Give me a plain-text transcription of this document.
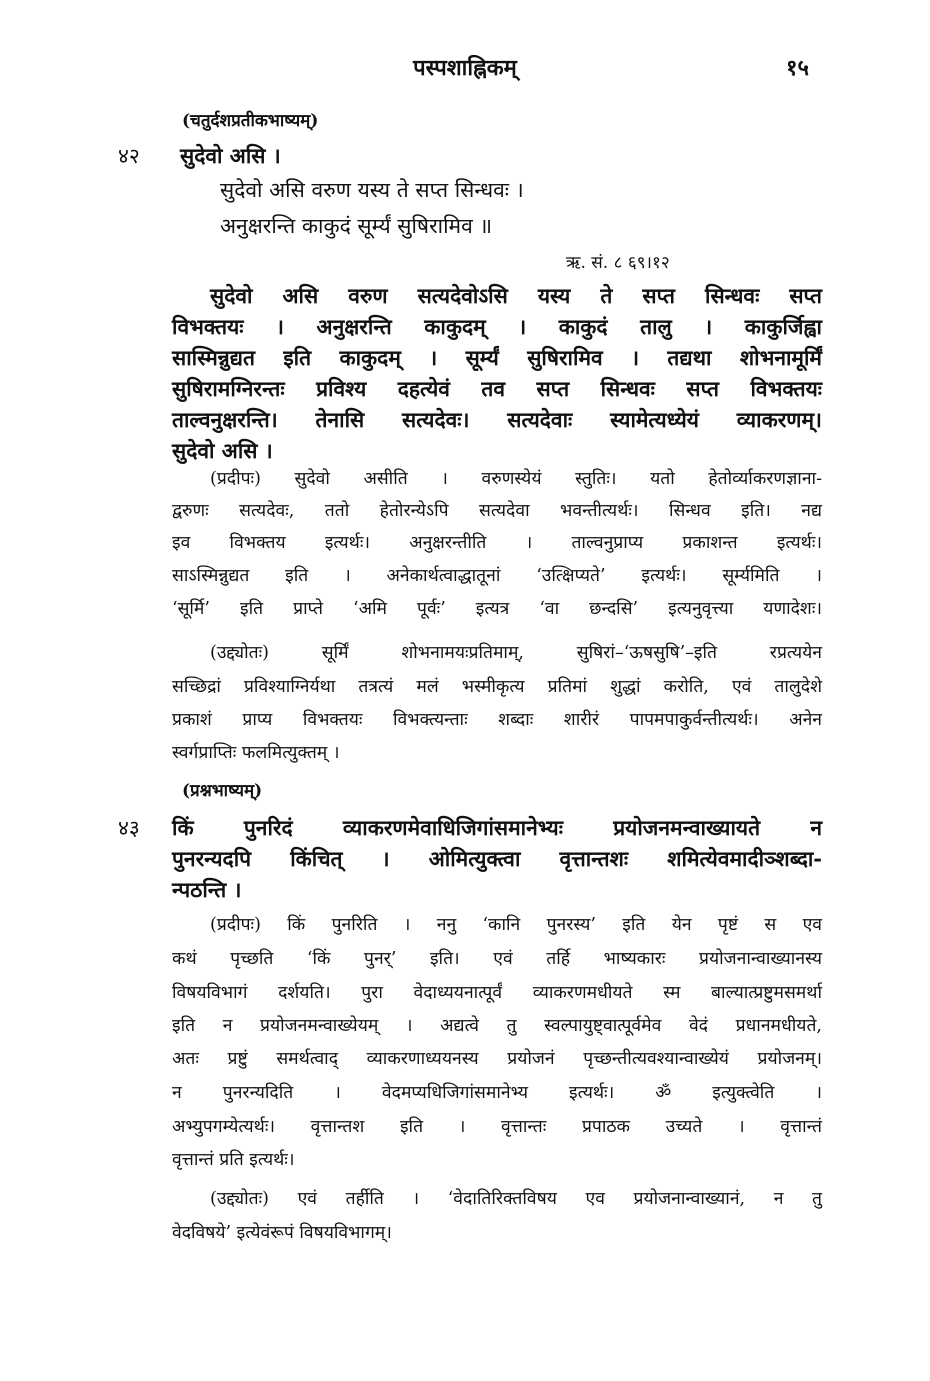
पस्पशाह्निकम्	१५
(चतुर्दशप्रतीकभाष्यम्)
४२ सुदेवो असि ।
सुदेवो असि वरुण यस्य ते सप्त सिन्धवः ।
अनुक्षरन्ति काकुदं सूर्म्यं सुषिरामिव ॥
ऋ. सं. ८ ६९।१२
सुदेवो असि वरुण सत्यदेवोऽसि यस्य ते सप्त सिन्धवः सप्त
विभक्तयः । अनुक्षरन्ति काकुदम् । काकुदं तालु । काकुर्जिह्वा
सास्मिन्नुद्यत इति काकुदम् । सूर्म्यं सुषिरामिव । तद्यथा शोभनामूर्मिं
सुषिरामग्निरन्तः प्रविश्य दहत्येवं तव सप्त सिन्धवः सप्त विभक्तयः
ताल्वनुक्षरन्ति। तेनासि सत्यदेवः। सत्यदेवाः स्यामेत्यध्येयं व्याकरणम्।
सुदेवो असि ।
(प्रदीपः) सुदेवो असीति । वरुणस्येयं स्तुतिः। यतो हेतोर्व्याकरणज्ञाना-
द्वरुणः सत्यदेवः, ततो हेतोरन्येऽपि सत्यदेवा भवन्तीत्यर्थः। सिन्धव इति। नद्य
इव विभक्तय इत्यर्थः। अनुक्षरन्तीति । ताल्वनुप्राप्य प्रकाशन्त इत्यर्थः।
साऽस्मिन्नुद्यत इति । अनेकार्थत्वाद्धातूनां ‘उत्क्षिप्यते’ इत्यर्थः। सूर्म्यमिति ।
‘सूर्मि’ इति प्राप्ते ‘अमि पूर्वः’ इत्यत्र ‘वा छन्दसि’ इत्यनुवृत्त्या यणादेशः।
(उद्द्योतः) सूर्मिं शोभनामयःप्रतिमाम्, सुषिरां–‘ऊषसुषि’–इति रप्रत्ययेन
सच्छिद्रां प्रविश्याग्निर्यथा तत्रत्यं मलं भस्मीकृत्य प्रतिमां शुद्धां करोति, एवं तालुदेशे
प्रकाशं प्राप्य विभक्तयः विभक्त्यन्ताः शब्दाः शारीरं पापमपाकुर्वन्तीत्यर्थः। अनेन
स्वर्गप्राप्तिः फलमित्युक्तम् ।
(प्रश्नभाष्यम्)
४३ किं पुनरिदं व्याकरणमेवाधिजिगांसमानेभ्यः प्रयोजनमन्वाख्यायते न
पुनरन्यदपि किंचित् । ओमित्युक्त्वा वृत्तान्तशः शमित्येवमादीञ्शब्दा-
न्पठन्ति ।
(प्रदीपः) किं पुनरिति । ननु ‘कानि पुनरस्य’ इति येन पृष्टं स एव
कथं पृच्छति ‘किं पुनर्’ इति। एवं तर्हि भाष्यकारः प्रयोजनान्वाख्यानस्य
विषयविभागं दर्शयति। पुरा वेदाध्ययनात्पूर्वं व्याकरणमधीयते स्म बाल्यात्प्रष्टुमसमर्था
इति न प्रयोजनमन्वाख्येयम् । अद्यत्वे तु स्वल्पायुष्ट्वात्पूर्वमेव वेदं प्रधानमधीयते,
अतः प्रष्टुं समर्थत्वाद् व्याकरणाध्ययनस्य प्रयोजनं पृच्छन्तीत्यवश्यान्वाख्येयं प्रयोजनम्।
न पुनरन्यदिति । वेदमप्यधिजिगांसमानेभ्य इत्यर्थः। ॐ इत्युक्त्वेति ।
अभ्युपगम्येत्यर्थः। वृत्तान्तश इति । वृत्तान्तः प्रपाठक उच्यते । वृत्तान्तं
वृत्तान्तं प्रति इत्यर्थः।
(उद्द्योतः) एवं तर्हीति । ‘वेदातिरिक्तविषय एव प्रयोजनान्वाख्यानं, न तु
वेदविषये’ इत्येवंरूपं विषयविभागम्।
